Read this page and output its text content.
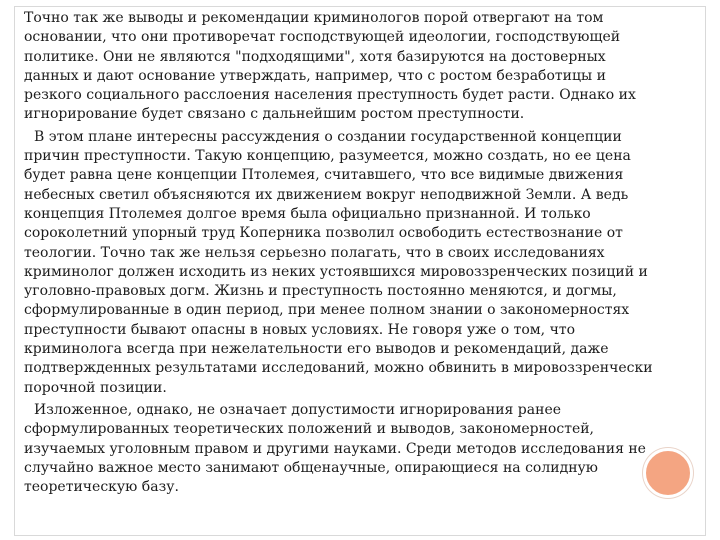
Точно так же выводы и рекомендации криминологов порой отвергают на том основании, что они противоречат господствующей идеологии, господствующей политике. Они не являются "подходящими", хотя базируются на достоверных данных и дают основание утверждать, например, что с ростом безработицы и резкого социального расслоения населения преступность будет расти. Однако их игнорирование будет связано с дальнейшим ростом преступности.

В этом плане интересны рассуждения о создании государственной концепции причин преступности. Такую концепцию, разумеется, можно создать, но ее цена будет равна цене концепции Птолемея, считавшего, что все видимые движения небесных светил объясняются их движением вокруг неподвижной Земли. А ведь концепция Птолемея долгое время была официально признанной. И только сороколетний упорный труд Коперника позволил освободить естествознание от теологии. Точно так же нельзя серьезно полагать, что в своих исследованиях криминолог должен исходить из неких устоявшихся мировоззренческих позиций и уголовно-правовых догм. Жизнь и преступность постоянно меняются, и догмы, сформулированные в один период, при менее полном знании о закономерностях преступности бывают опасны в новых условиях. Не говоря уже о том, что криминолога всегда при нежелательности его выводов и рекомендаций, даже подтвержденных результатами исследований, можно обвинить в мировоззренчески порочной позиции.

Изложенное, однако, не означает допустимости игнорирования ранее сформулированных теоретических положений и выводов, закономерностей, изучаемых уголовным правом и другими науками. Среди методов исследования не случайно важное место занимают общенаучные, опирающиеся на солидную теоретическую базу.
